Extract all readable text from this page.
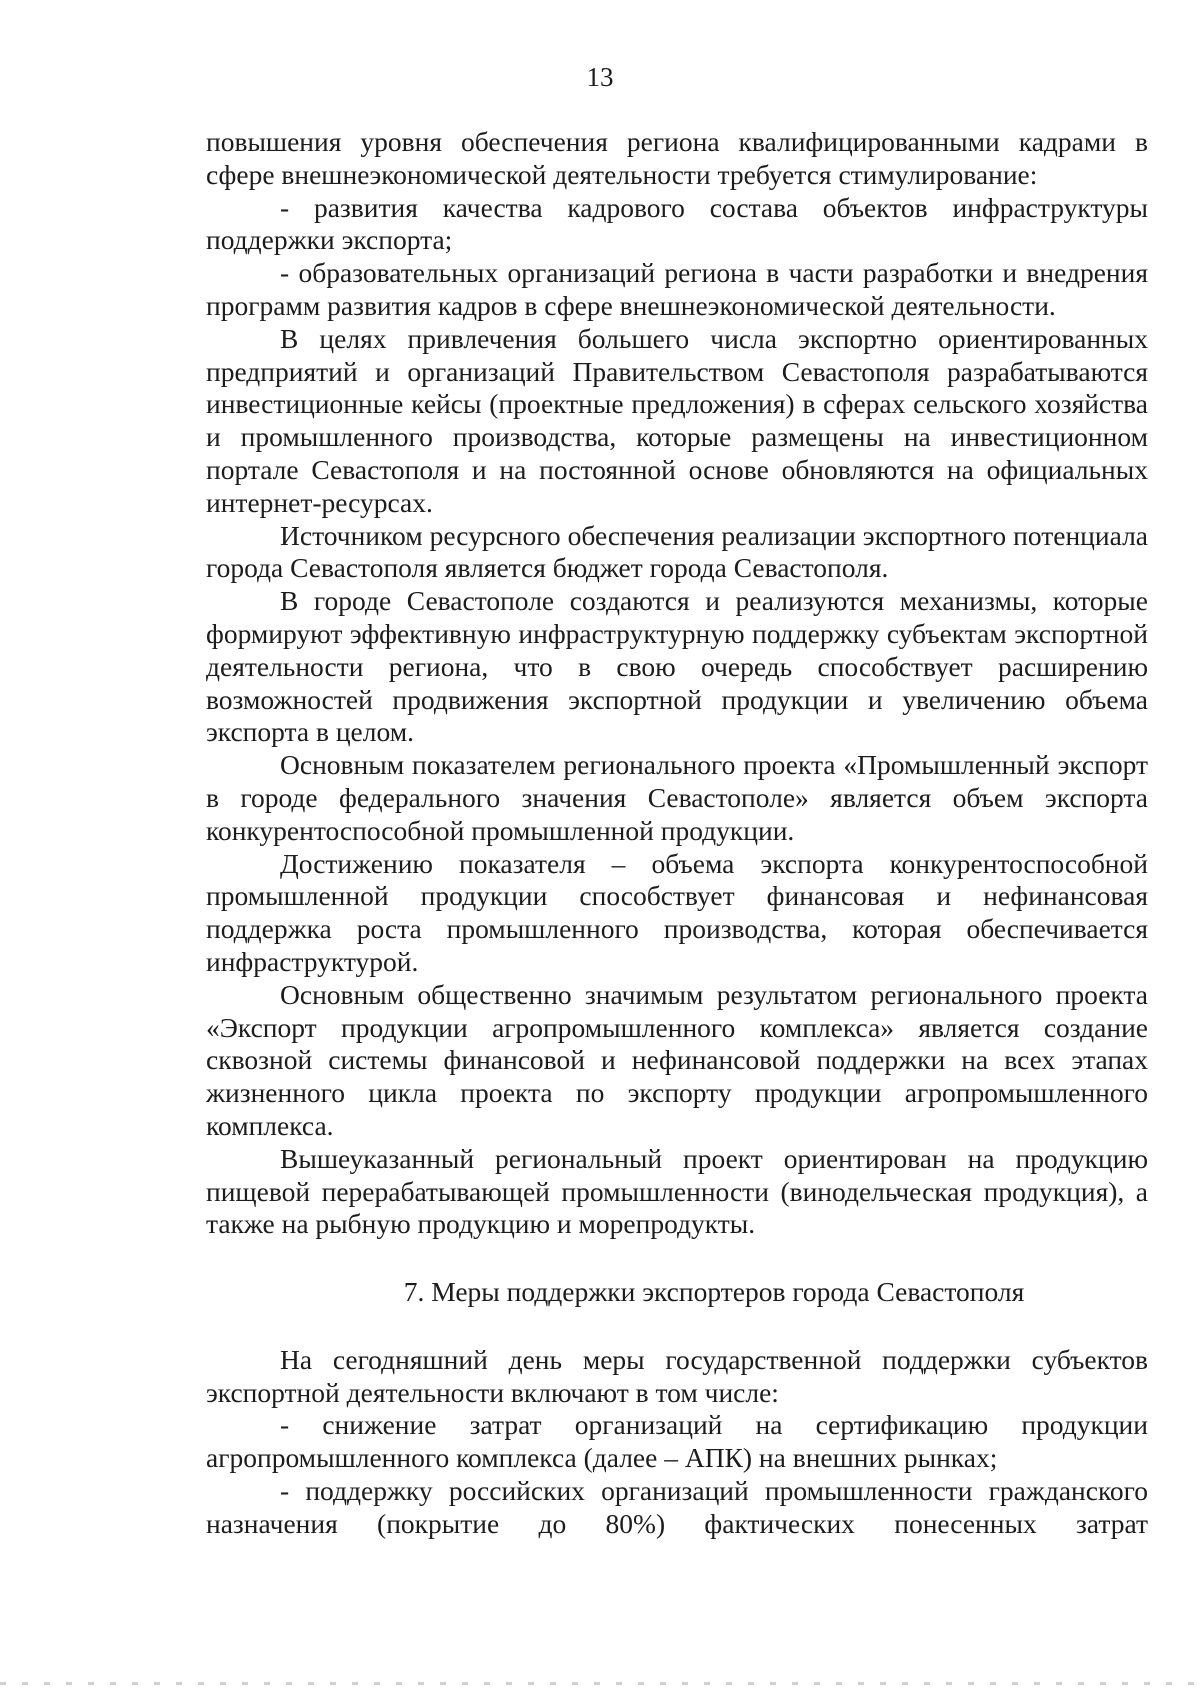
13

повышения уровня обеспечения региона квалифицированными кадрами в сфере внешнеэкономической деятельности требуется стимулирование:

- развития качества кадрового состава объектов инфраструктуры поддержки экспорта;

- образовательных организаций региона в части разработки и внедрения программ развития кадров в сфере внешнеэкономической деятельности.

В целях привлечения большего числа экспортно ориентированных предприятий и организаций Правительством Севастополя разрабатываются инвестиционные кейсы (проектные предложения) в сферах сельского хозяйства и промышленного производства, которые размещены на инвестиционном портале Севастополя и на постоянной основе обновляются на официальных интернет-ресурсах.

Источником ресурсного обеспечения реализации экспортного потенциала города Севастополя является бюджет города Севастополя.

В городе Севастополе создаются и реализуются механизмы, которые формируют эффективную инфраструктурную поддержку субъектам экспортной деятельности региона, что в свою очередь способствует расширению возможностей продвижения экспортной продукции и увеличению объема экспорта в целом.

Основным показателем регионального проекта «Промышленный экспорт в городе федерального значения Севастополе» является объем экспорта конкурентоспособной промышленной продукции.

Достижению показателя – объема экспорта конкурентоспособной промышленной продукции способствует финансовая и нефинансовая поддержка роста промышленного производства, которая обеспечивается инфраструктурой.

Основным общественно значимым результатом регионального проекта «Экспорт продукции агропромышленного комплекса» является создание сквозной системы финансовой и нефинансовой поддержки на всех этапах жизненного цикла проекта по экспорту продукции агропромышленного комплекса.

Вышеуказанный региональный проект ориентирован на продукцию пищевой перерабатывающей промышленности (винодельческая продукция), а также на рыбную продукцию и морепродукты.

7. Меры поддержки экспортеров города Севастополя

На сегодняшний день меры государственной поддержки субъектов экспортной деятельности включают в том числе:

- снижение затрат организаций на сертификацию продукции агропромышленного комплекса (далее – АПК) на внешних рынках;

- поддержку российских организаций промышленности гражданского назначения (покрытие до 80%) фактических понесенных затрат
